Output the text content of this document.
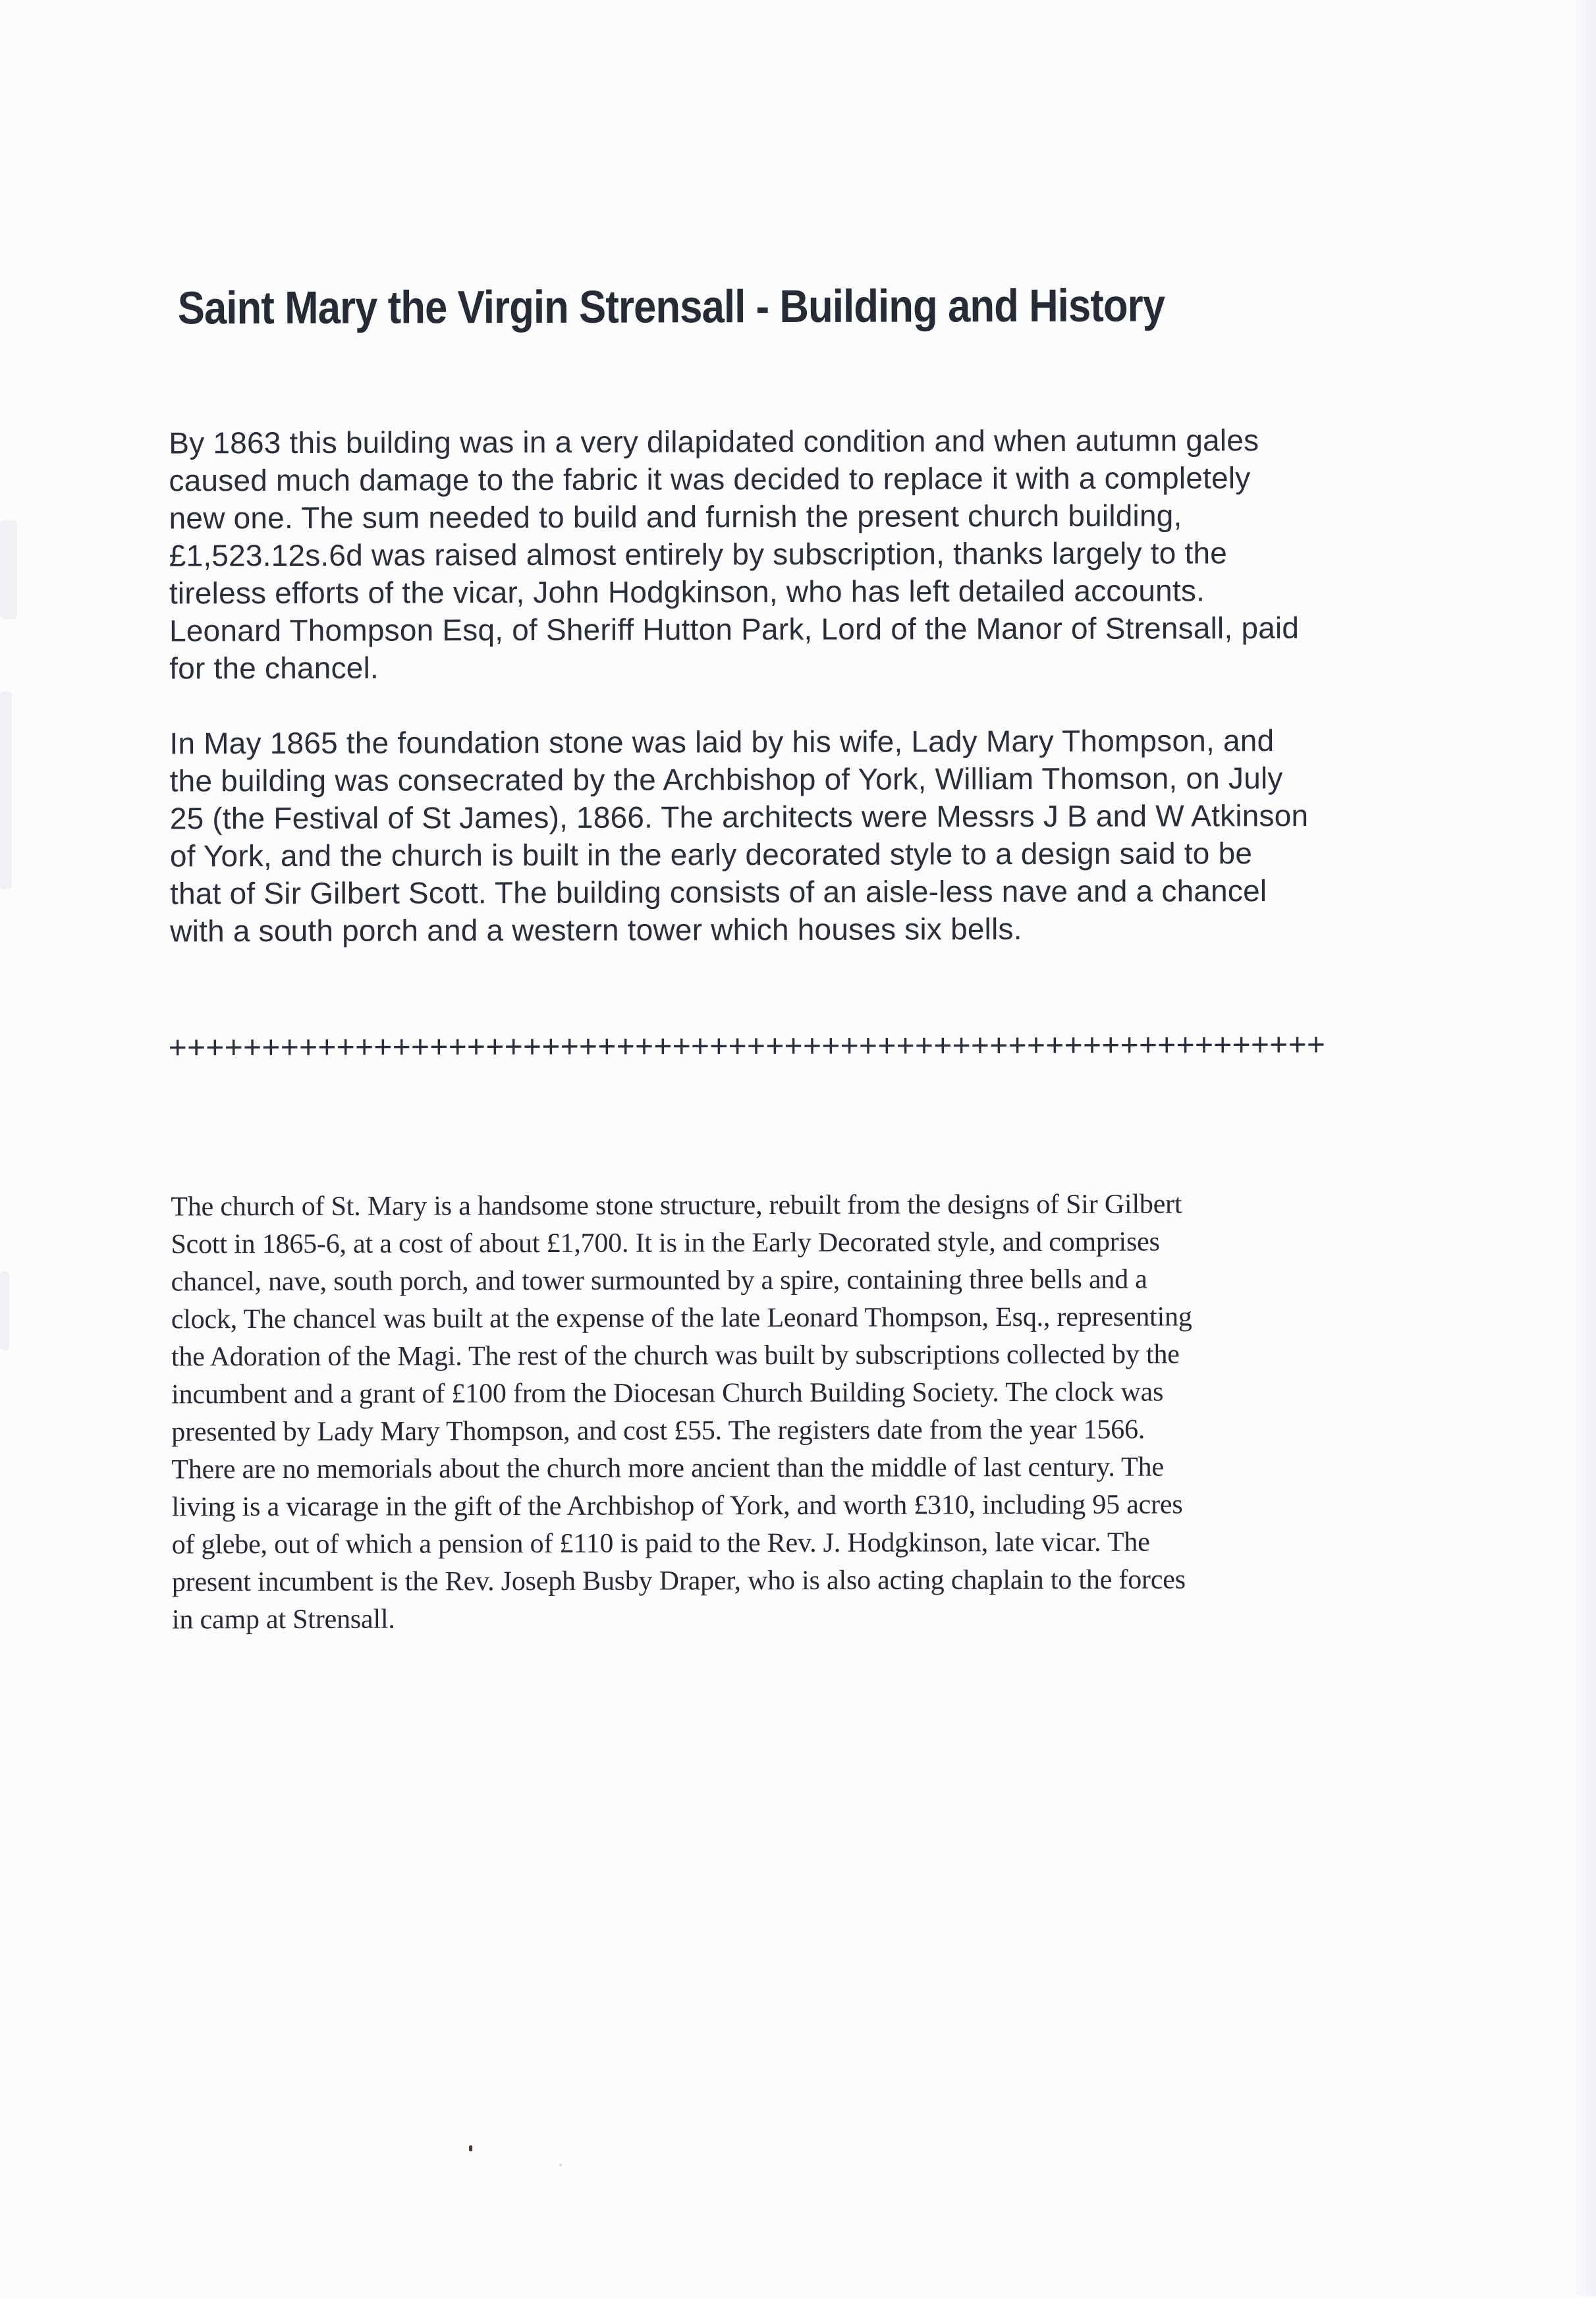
Saint Mary the Virgin Strensall - Building and History
By 1863 this building was in a very dilapidated condition and when autumn gales
caused much damage to the fabric it was decided to replace it with a completely
new one. The sum needed to build and furnish the present church building,
£1,523.12s.6d was raised almost entirely by subscription, thanks largely to the
tireless efforts of the vicar, John Hodgkinson, who has left detailed accounts.
Leonard Thompson Esq, of Sheriff Hutton Park, Lord of the Manor of Strensall, paid
for the chancel.
In May 1865 the foundation stone was laid by his wife, Lady Mary Thompson, and
the building was consecrated by the Archbishop of York, William Thomson, on July
25 (the Festival of St James), 1866. The architects were Messrs J B and W Atkinson
of York, and the church is built in the early decorated style to a design said to be
that of Sir Gilbert Scott. The building consists of an aisle-less nave and a chancel
with a south porch and a western tower which houses six bells.
++++++++++++++++++++++++++++++++++++++++++++++++++++++++++++++
The church of St. Mary is a handsome stone structure, rebuilt from the designs of Sir Gilbert
Scott in 1865-6, at a cost of about £1,700. It is in the Early Decorated style, and comprises
chancel, nave, south porch, and tower surmounted by a spire, containing three bells and a
clock, The chancel was built at the expense of the late Leonard Thompson, Esq., representing
the Adoration of the Magi. The rest of the church was built by subscriptions collected by the
incumbent and a grant of £100 from the Diocesan Church Building Society. The clock was
presented by Lady Mary Thompson, and cost £55. The registers date from the year 1566.
There are no memorials about the church more ancient than the middle of last century. The
living is a vicarage in the gift of the Archbishop of York, and worth £310, including 95 acres
of glebe, out of which a pension of £110 is paid to the Rev. J. Hodgkinson, late vicar. The
present incumbent is the Rev. Joseph Busby Draper, who is also acting chaplain to the forces
in camp at Strensall.
